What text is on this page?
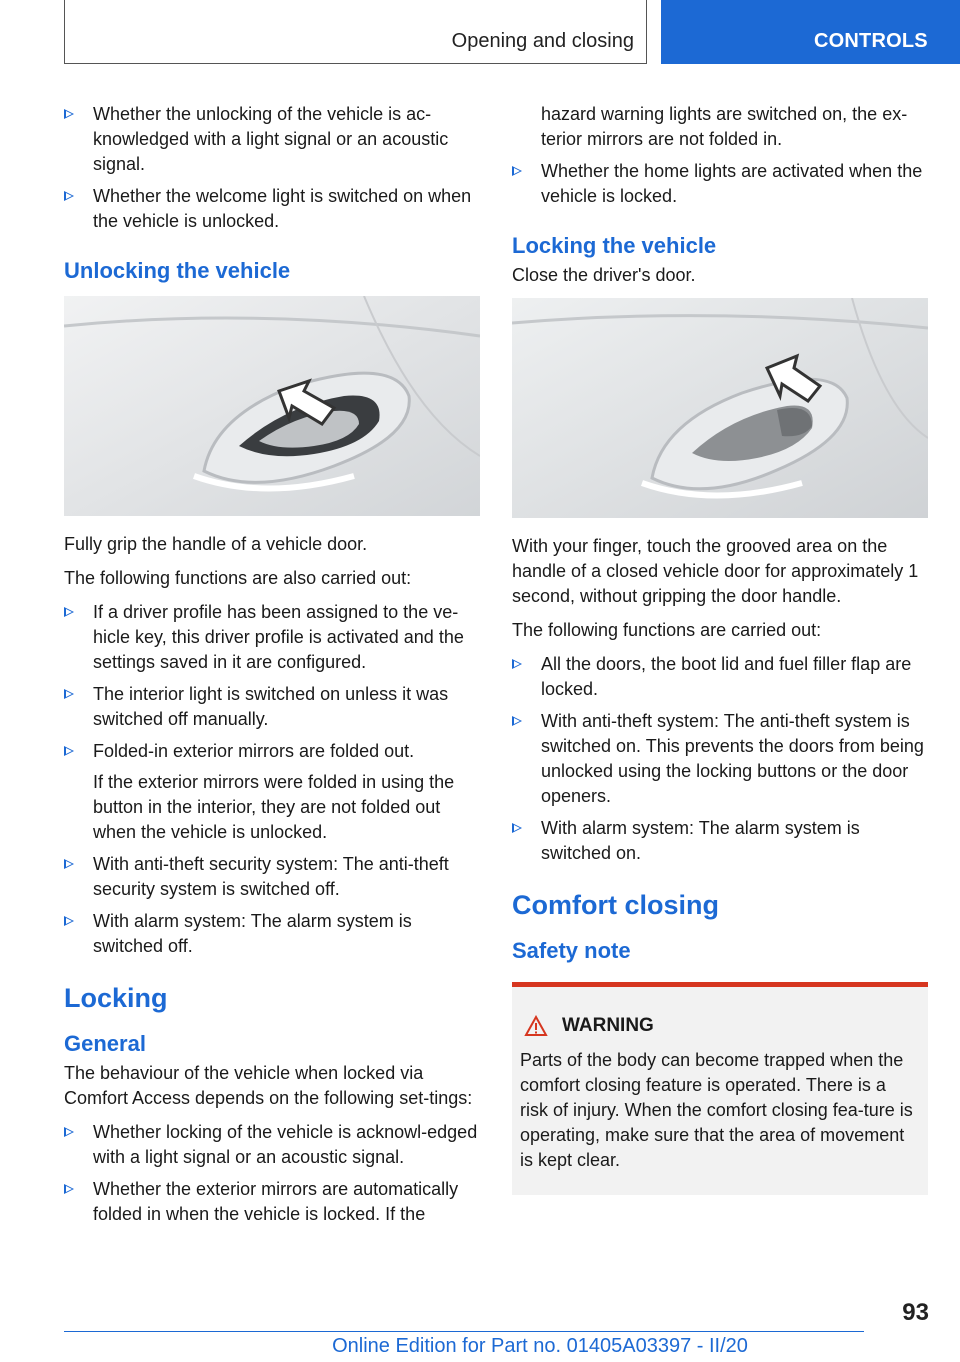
Opening and closing	CONTROLS
Whether the unlocking of the vehicle is ac-knowledged with a light signal or an acoustic signal.
Whether the welcome light is switched on when the vehicle is unlocked.
Unlocking the vehicle

Fully grip the handle of a vehicle door.

The following functions are also carried out:

If a driver profile has been assigned to the ve-hicle key, this driver profile is activated and the settings saved in it are configured.
The interior light is switched on unless it was switched off manually.
Folded-in exterior mirrors are folded out.
If the exterior mirrors were folded in using the button in the interior, they are not folded out when the vehicle is unlocked.
With anti-theft security system: The anti-theft security system is switched off.
With alarm system: The alarm system is switched off.
Locking
General

The behaviour of the vehicle when locked via Comfort Access depends on the following set-tings:

Whether locking of the vehicle is acknowl-edged with a light signal or an acoustic signal.
Whether the exterior mirrors are automatically folded in when the vehicle is locked. If the
hazard warning lights are switched on, the ex-terior mirrors are not folded in.
Whether the home lights are activated when the vehicle is locked.
Locking the vehicle

Close the driver's door.

With your finger, touch the grooved area on the handle of a closed vehicle door for approximately 1 second, without gripping the door handle.

The following functions are carried out:

All the doors, the boot lid and fuel filler flap are locked.
With anti-theft system: The anti-theft system is switched on. This prevents the doors from being unlocked using the locking buttons or the door openers.
With alarm system: The alarm system is switched on.
Comfort closing
Safety note
WARNING
Parts of the body can become trapped when the comfort closing feature is operated. There is a risk of injury. When the comfort closing fea-ture is operating, make sure that the area of movement is kept clear.
93
Online Edition for Part no. 01405A03397 - II/20
